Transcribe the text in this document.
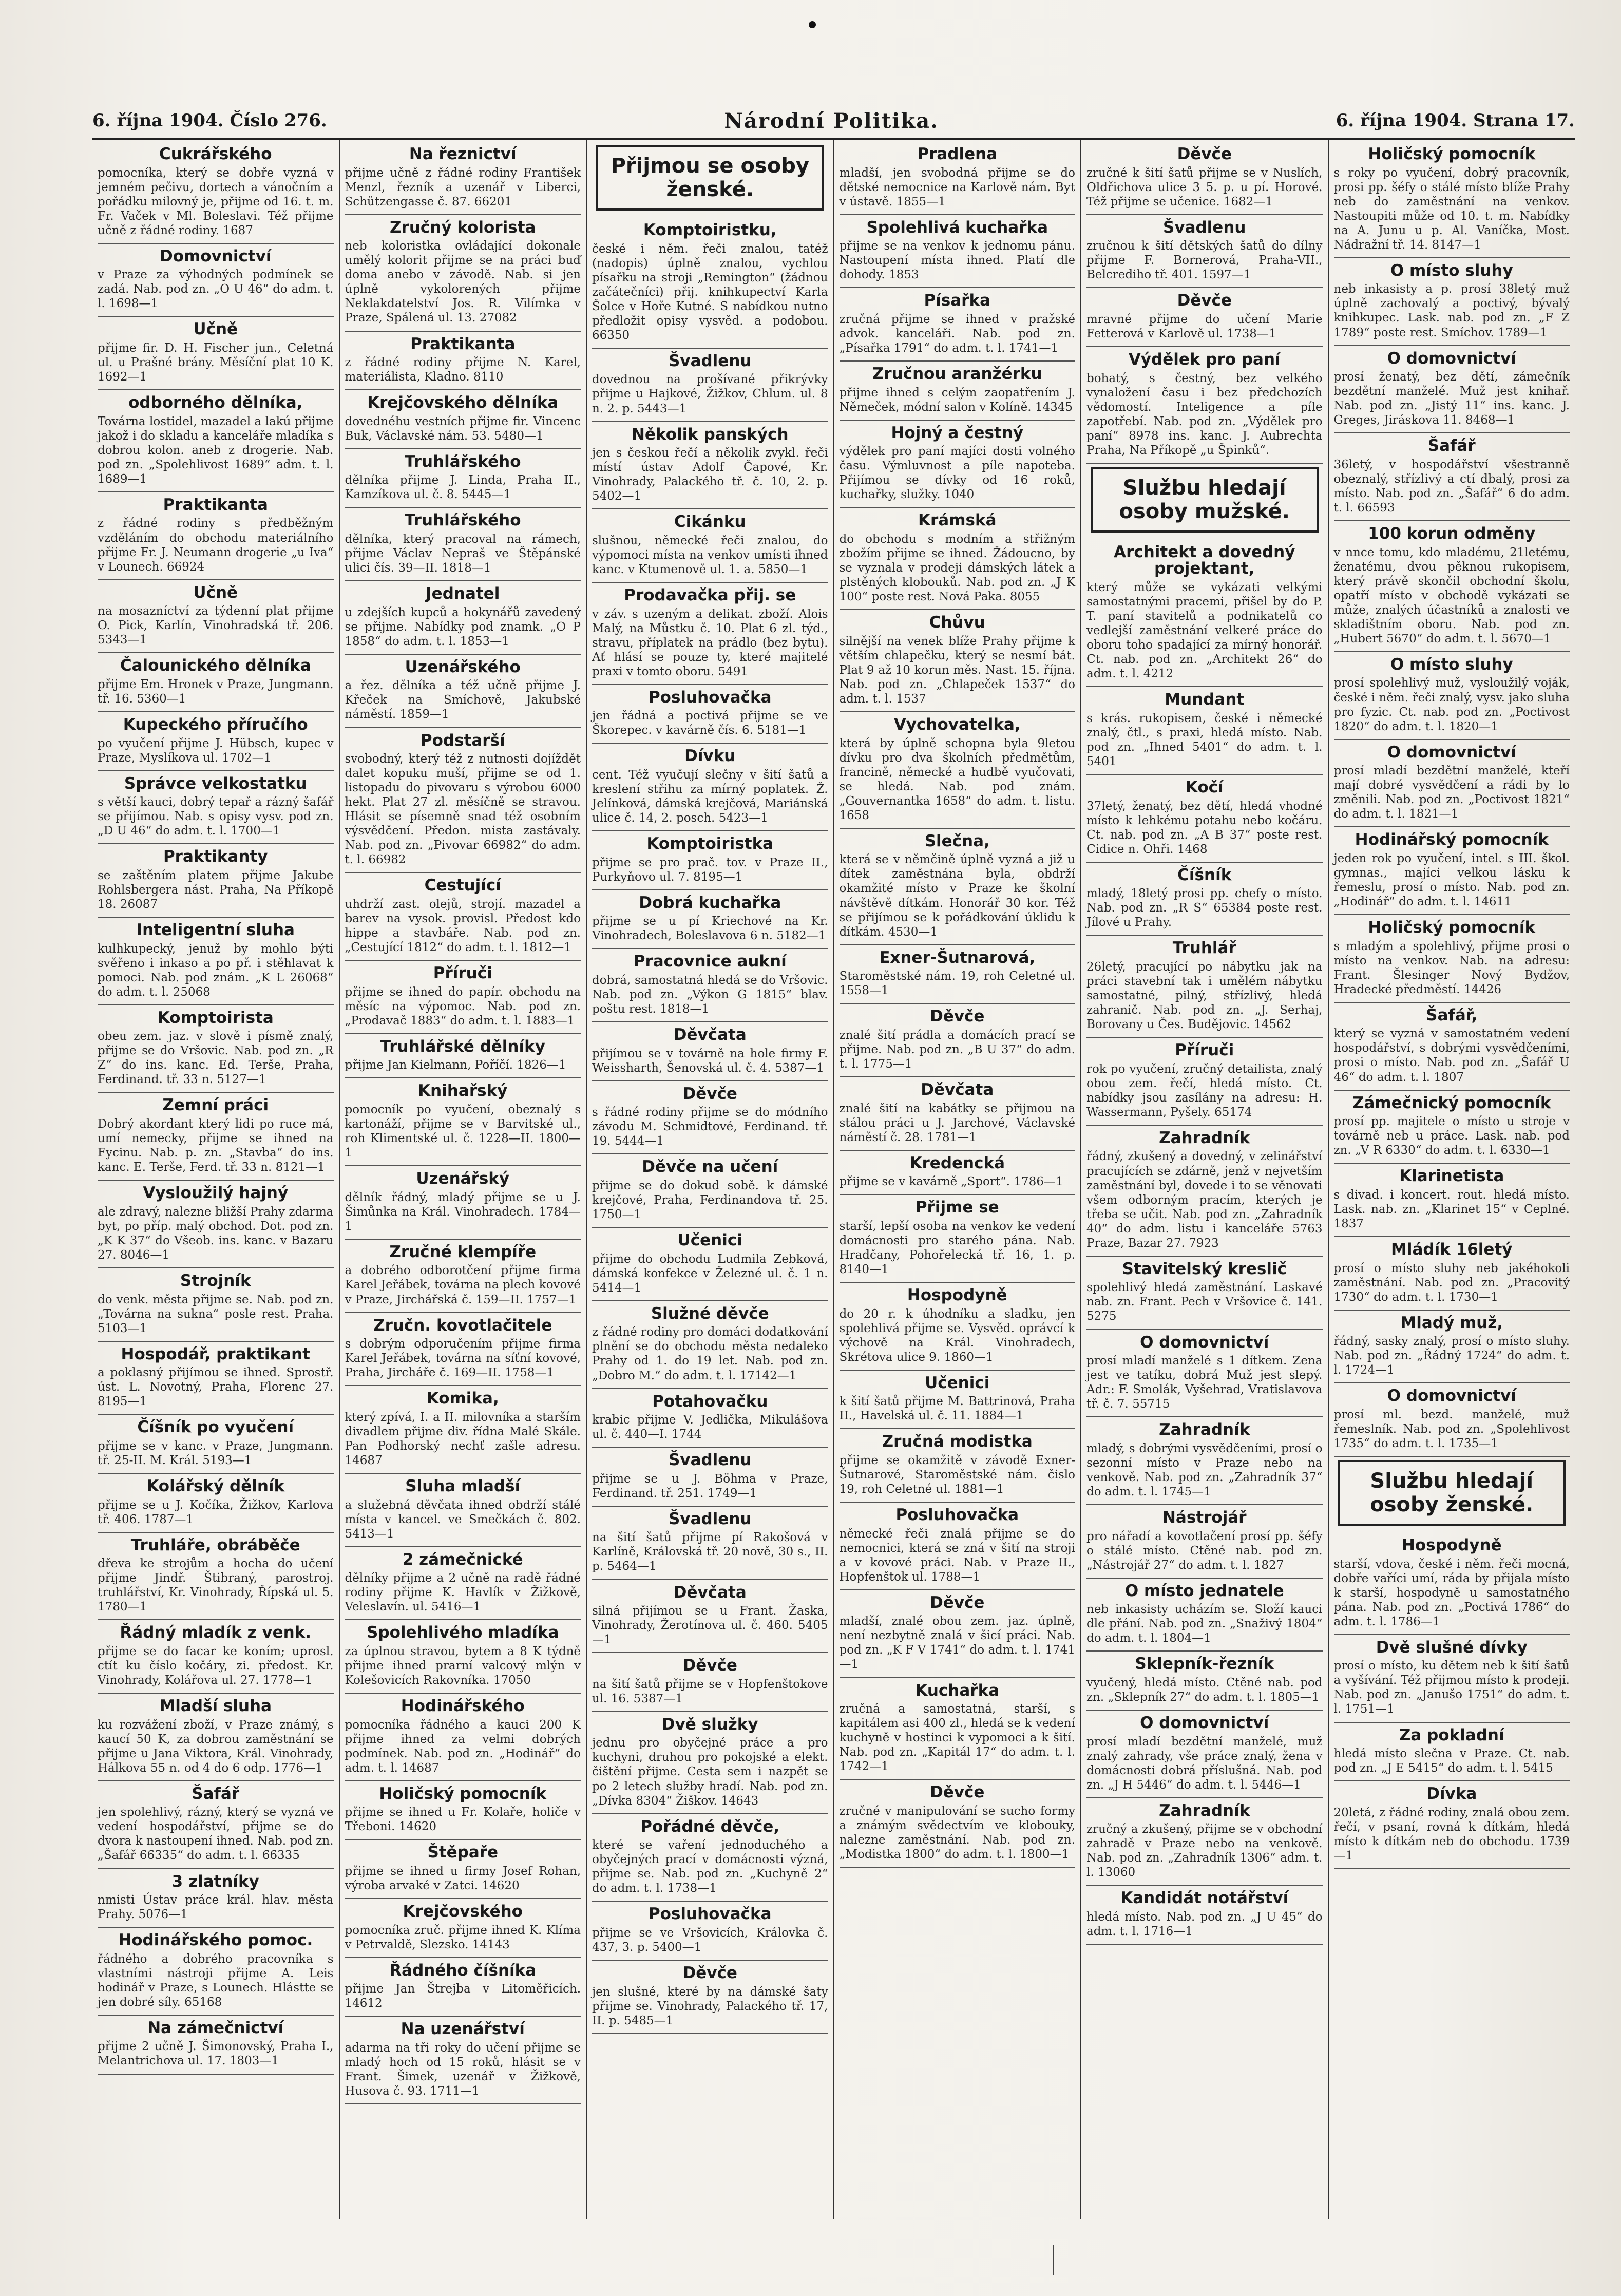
6. října 1904. Číslo 276.	Národní Politika.	6. října 1904. Strana 17.
Cukrářského
pomocníka, který se dobře vyzná v jemném pečivu, dortech a vánočním a pořádku milovný je, přijme od 16. t. m. Fr. Vaček v Ml. Boleslavi. Též přijme učně z řádné rodiny. 1687
Domovnictví
v Praze za výhodných podmínek se zadá. Nab. pod zn. „O U 46“ do adm. t. l. 1698—1
Učně
přijme fir. D. H. Fischer jun., Celetná ul. u Prašné brány. Měsíční plat 10 K. 1692—1
odborného dělníka,
Továrna lostidel, mazadel a lakú přijme jakož i do skladu a kanceláře mladíka s dobrou kolon. aneb z drogerie. Nab. pod zn. „Spolehlivost 1689“ adm. t. l. 1689—1
Praktikanta
z řádné rodiny s předběžným vzděláním do obchodu materiálního přijme Fr. J. Neumann drogerie „u Iva“ v Lounech. 66924
Učně
na mosazníctví za týdenní plat přijme O. Pick, Karlín, Vinohradská tř. 206. 5343—1
Čalounického dělníka
přijme Em. Hronek v Praze, Jungmann. tř. 16. 5360—1
Kupeckého příručího
po vyučení přijme J. Hübsch, kupec v Praze, Myslíkova ul. 1702—1
Správce velkostatku
s větší kauci, dobrý tepař a rázný šafář se přijímou. Nab. s opisy vysv. pod zn. „D U 46“ do adm. t. l. 1700—1
Praktikanty
se zaštěním platem přijme Jakube Rohlsbergera nást. Praha, Na Příkopě 18. 26087
Inteligentní sluha
kulhkupecký, jenuž by mohlo býti svěřeno i inkaso a po př. i stěhlavat k pomoci. Nab. pod znám. „K L 26068“ do adm. t. l. 25068
Komptoirista
obeu zem. jaz. v slově i písmě znalý, přijme se do Vršovic. Nab. pod zn. „R Z“ do ins. kanc. Ed. Terše, Praha, Ferdinand. tř. 33 n. 5127—1
Zemní práci
Dobrý akordant který lidi po ruce má, umí nemecky, přijme se ihned na Fycinu. Nab. p. zn. „Stavba“ do ins. kanc. E. Terše, Ferd. tř. 33 n. 8121—1
Vysloužilý hajný
ale zdravý, nalezne bližší Prahy zdarma byt, po příp. malý obchod. Dot. pod zn. „K K 37“ do Všeob. ins. kanc. v Bazaru 27. 8046—1
Strojník
do venk. města přijme se. Nab. pod zn. „Továrna na sukna“ posle rest. Praha. 5103—1
Hospodář, praktikant
a poklasný přijímou se ihned. Sprostř. úst. L. Novotný, Praha, Florenc 27. 8195—1
Číšník po vyučení
přijme se v kanc. v Praze, Jungmann. tř. 25-II. M. Král. 5193—1
Kolářský dělník
přijme se u J. Kočíka, Žižkov, Karlova tř. 406. 1787—1
Truhláře, obráběče
dřeva ke strojům a hocha do učení přijme Jindř. Štibraný, parostroj. truhlářství, Kr. Vinohrady, Řípská ul. 5. 1780—1
Řádný mladík z venk.
přijme se do facar ke koním; uprosl. ctít ku číslo kočáry, zi. předost. Kr. Vinohrady, Kolářova ul. 27. 1778—1
Mladší sluha
ku rozvážení zboží, v Praze známý, s kaucí 50 K, za dobrou zaměstnání se přijme u Jana Viktora, Král. Vinohrady, Hálkova 55 n. od 4 do 6 odp. 1776—1
Šafář
jen spolehlivý, rázný, který se vyzná ve vedení hospodářství, přijme se do dvora k nastoupení ihned. Nab. pod zn. „Šafář 66335“ do adm. t. l. 66335
3 zlatníky
nmisti Ústav práce král. hlav. města Prahy. 5076—1
Hodinářského pomoc.
řádného a dobrého pracovníka s vlastními nástroji přijme A. Leis hodinář v Praze, s Lounech. Hlástte se jen dobré síly. 65168
Na zámečnictví
přijme 2 učně J. Šimonovský, Praha I., Melantrichova ul. 17. 1803—1
Na řeznictví
přijme učně z řádné rodiny František Menzl, řezník a uzenář v Liberci, Schützengasse č. 87. 66201
Zručný kolorista
neb koloristka ovládající dokonale umělý kolorit přijme se na práci buď doma anebo v závodě. Nab. si jen úplně vykolorených přijme Neklakdatelství Jos. R. Vilímka v Praze, Spálená ul. 13. 27082
Praktikanta
z řádné rodiny přijme N. Karel, materiálista, Kladno. 8110
Krejčovského dělníka
dovednéhu vestních přijme fir. Vincenc Buk, Václavské nám. 53. 5480—1
Truhlářského
dělníka přijme J. Linda, Praha II., Kamzíkova ul. č. 8. 5445—1
Truhlářského
dělníka, který pracoval na rámech, přijme Václav Nepraš ve Štěpánské ulici čís. 39—II. 1818—1
Jednatel
u zdejších kupců a hokynářů zavedený se přijme. Nabídky pod znamk. „O P 1858“ do adm. t. l. 1853—1
Uzenářského
a řez. dělníka a též učně přijme J. Křeček na Smíchově, Jakubské náměstí. 1859—1
Podstarší
svobodný, který též z nutnosti dojíždět dalet kopuku muší, přijme se od 1. listopadu do pivovaru s výrobou 6000 hekt. Plat 27 zl. měsíčně se stravou. Hlásit se písemně snad též osobním výsvědčení. Předon. mista zastávaly. Nab. pod zn. „Pivovar 66982“ do adm. t. l. 66982
Cestující
uhdrží zast. olejů, strojí. mazadel a barev na vysok. provisl. Předost kdo hippe a stavbáře. Nab. pod zn. „Cestující 1812“ do adm. t. l. 1812—1
Příruči
přijme se ihned do papír. obchodu na měsíc na výpomoc. Nab. pod zn. „Prodavač 1883“ do adm. t. l. 1883—1
Truhlářské dělníky
přijme Jan Kielmann, Poříčí. 1826—1
Knihařský
pomocník po vyučení, obeznalý s kartonáží, přijme se v Barvitské ul., roh Klimentské ul. č. 1228—II. 1800—1
Uzenářský
dělník řádný, mladý přijme se u J. Šimůnka na Král. Vinohradech. 1784—1
Zručné klempíře
a dobrého odborotčení přijme firma Karel Jeřábek, továrna na plech kovové v Praze, Jirchářská č. 159—II. 1757—1
Zručn. kovotlačitele
s dobrým odporučením přijme firma Karel Jeřábek, továrna na síťní kovové, Praha, Jircháře č. 169—II. 1758—1
Komika,
který zpívá, I. a II. milovníka a starším divadlem přijme div. řídna Malé Skále. Pan Podhorský nechť zašle adresu. 14687
Sluha mladší
a služebná děvčata ihned obdrží stálé místa v kancel. ve Smečkách č. 802. 5413—1
2 zámečnické
dělníky přijme a 2 učně na radě řádné rodiny přijme K. Havlík v Žižkově, Veleslavín. ul. 5416—1
Spolehlivého mladíka
za úplnou stravou, bytem a 8 K týdně přijme ihned prarní valcový mlýn v Kolešovicích Rakovníka. 17050
Hodinářského
pomocníka řádného a kauci 200 K přijme ihned za velmi dobrých podmínek. Nab. pod zn. „Hodinář“ do adm. t. l. 14687
Holičský pomocník
přijme se ihned u Fr. Kolaře, holiče v Třeboni. 14620
Štěpaře
přijme se ihned u firmy Josef Rohan, výroba arvaké v Zatci. 14620
Krejčovského
pomocníka zruč. přijme ihned K. Klíma v Petrvaldě, Slezsko. 14143
Řádného číšníka
přijme Jan Štrejba v Litoměřicích. 14612
Na uzenářství
adarma na tři roky do učení přijme se mladý hoch od 15 roků, hlásit se v Frant. Šimek, uzenář v Žižkově, Husova č. 93. 1711—1
Přijmou se osoby ženské.
Komptoiristku,
české i něm. řeči znalou, tatéž (nadopis) úplně znalou, vychlou písařku na stroji „Remington“ (žádnou začátečníci) přij. knihkupectví Karla Šolce v Hoře Kutné. S nabídkou nutno předložit opisy vysvěd. a podobou. 66350
Švadlenu
dovednou na prošívané přikrývky přijme u Hajkové, Žižkov, Chlum. ul. 8 n. 2. p. 5443—1
Několik panských
jen s českou řečí a několik zvykl. řeči místí ústav Adolf Čapové, Kr. Vinohrady, Palackého tř. č. 10, 2. p. 5402—1
Cikánku
slušnou, německé řeči znalou, do výpomoci místa na venkov umísti ihned kanc. v Ktumenově ul. 1. a. 5850—1
Prodavačka přij. se
v záv. s uzeným a delikat. zboží. Alois Malý, na Můstku č. 10. Plat 6 zl. týd., stravu, příplatek na prádlo (bez bytu). Ať hlásí se pouze ty, které majitelé praxi v tomto oboru. 5491
Posluhovačka
jen řádná a poctivá přijme se ve Škorepec. v kavárně čís. 6. 5181—1
Dívku
cent. Též vyučují slečny v šití šatů a kreslení střihu za mírný poplatek. Ž. Jelínková, dámská krejčová, Mariánská ulice č. 14, 2. posch. 5423—1
Komptoiristka
přijme se pro prač. tov. v Praze II., Purkyňovo ul. 7. 8195—1
Dobrá kuchařka
přijme se u pí Kriechové na Kr. Vinohradech, Boleslavova 6 n. 5182—1
Pracovnice aukní
dobrá, samostatná hledá se do Vršovic. Nab. pod zn. „Výkon G 1815“ blav. poštu rest. 1818—1
Děvčata
přijímou se v továrně na hole firmy F. Weissharth, Šenovská ul. č. 4. 5387—1
Děvče
s řádné rodiny přijme se do módního závodu M. Schmidtové, Ferdinand. tř. 19. 5444—1
Děvče na učení
přijme se do dokud sobě. k dámské krejčové, Praha, Ferdinandova tř. 25. 1750—1
Učenici
přijme do obchodu Ludmila Zebková, dámská konfekce v Železné ul. č. 1 n. 5414—1
Služné děvče
z řádné rodiny pro domáci dodatkování plnění se do obchodu města nedaleko Prahy od 1. do 19 let. Nab. pod zn. „Dobro M.“ do adm. t. l. 17142—1
Potahovačku
krabic přijme V. Jedlička, Mikulášova ul. č. 440—I. 1744
Švadlenu
přijme se u J. Böhma v Praze, Ferdinand. tř. 251. 1749—1
Švadlenu
na šití šatů přijme pí Rakošová v Karlíně, Královská tř. 20 nově, 30 s., II. p. 5464—1
Děvčata
silná přijímou se u Frant. Žaska, Vinohrady, Žerotínova ul. č. 460. 5405—1
Děvče
na šití šatů přijme se v Hopfenštokove ul. 16. 5387—1
Dvě služky
jednu pro obyčejné práce a pro kuchyni, druhou pro pokojské a elekt. čištění přijme. Cesta sem i nazpět se po 2 letech služby hradí. Nab. pod zn. „Dívka 8304“ Žiškov. 14643
Pořádné děvče,
které se vaření jednoduchého a obyčejných prací v domácnosti význá, přijme se. Nab. pod zn. „Kuchyně 2“ do adm. t. l. 1738—1
Posluhovačka
přijme se ve Vršovicích, Královka č. 437, 3. p. 5400—1
Děvče
jen slušné, které by na dámské šaty přijme se. Vinohrady, Palackého tř. 17, II. p. 5485—1
Pradlena
mladší, jen svobodná přijme se do dětské nemocnice na Karlově nám. Byt v ústavě. 1855—1
Spolehlivá kuchařka
přijme se na venkov k jednomu pánu. Nastoupení místa ihned. Platí dle dohody. 1853
Písařka
zručná přijme se ihned v pražské advok. kanceláři. Nab. pod zn. „Písařka 1791“ do adm. t. l. 1741—1
Zručnou aranžérku
přijme ihned s celým zaopatřením J. Němeček, módní salon v Kolíně. 14345
Hojný a čestný
výdělek pro paní majíci dosti volného času. Výmluvnost a píle napoteba. Přijímou se dívky od 16 roků, kuchařky, služky. 1040
Krámská
do obchodu s modním a střižným zbožím přijme se ihned. Žádoucno, by se vyznala v prodeji dámských látek a plstěných klobouků. Nab. pod zn. „J K 100“ poste rest. Nová Paka. 8055
Chůvu
silnější na venek blíže Prahy přijme k větším chlapečku, který se nesmí bát. Plat 9 až 10 korun měs. Nast. 15. října. Nab. pod zn. „Chlapeček 1537“ do adm. t. l. 1537
Vychovatelka,
která by úplně schopna byla 9letou dívku pro dva školních předmětům, francině, německé a hudbě vyučovati, se hledá. Nab. pod znám. „Gouvernantka 1658“ do adm. t. listu. 1658
Slečna,
která se v němčině úplně vyzná a již u dítek zaměstnána byla, obdrží okamžité místo v Praze ke školní návštěvě dítkám. Honorář 30 kor. Též se přijímou se k pořádkování úklidu k dítkám. 4530—1
Exner-Šutnarová,
Staroměstské nám. 19, roh Celetné ul. 1558—1
Děvče
znalé šití prádla a domácích prací se přijme. Nab. pod zn. „B U 37“ do adm. t. l. 1775—1
Děvčata
znalé šití na kabátky se přijmou na stálou práci u J. Jarchové, Václavské náměstí č. 28. 1781—1
Kredencká
přijme se v kavárně „Sport“. 1786—1
Přijme se
starší, lepší osoba na venkov ke vedení domácnosti pro starého pána. Nab. Hradčany, Pohořelecká tř. 16, 1. p. 8140—1
Hospodyně
do 20 r. k úhodníku a sladku, jen spolehlivá přijme se. Vysvěd. oprávcí k výchově na Král. Vinohradech, Skrétova ulice 9. 1860—1
Učenici
k šití šatů přijme M. Battrinová, Praha II., Havelská ul. č. 11. 1884—1
Zručná modistka
přijme se okamžitě v závodě Exner-Šutnarové, Staroměstské nám. čislo 19, roh Celetné ul. 1881—1
Posluhovačka
německé řeči znalá přijme se do nemocnici, která se zná v šití na stroji a v kovové práci. Nab. v Praze II., Hopfenštok ul. 1788—1
Děvče
mladší, znalé obou zem. jaz. úplně, není nezbytně znalá v šicí práci. Nab. pod zn. „K F V 1741“ do adm. t. l. 1741—1
Kuchařka
zručná a samostatná, starší, s kapitálem asi 400 zl., hledá se k vedení kuchyně v hostinci k vypomoci a k šití. Nab. pod zn. „Kapitál 17“ do adm. t. l. 1742—1
Děvče
zručné v manipulování se sucho formy a známým svědectvím ve klobouky, nalezne zaměstnání. Nab. pod zn. „Modistka 1800“ do adm. t. l. 1800—1
Děvče
zručné k šití šatů přijme se v Nuslích, Oldřichova ulice 3 5. p. u pí. Horové. Též přijme se učenice. 1682—1
Švadlenu
zručnou k šití dětských šatů do dílny přijme F. Bornerová, Praha-VII., Belcrediho tř. 401. 1597—1
Děvče
mravné přijme do učení Marie Fetterová v Karlově ul. 1738—1
Výdělek pro paní
bohatý, s čestný, bez velkého vynaložení času i bez předchozích vědomostí. Inteligence a píle zapotřebí. Nab. pod zn. „Výdělek pro paní“ 8978 ins. kanc. J. Aubrechta Praha, Na Příkopě „u Špinků“.
Službu hledají osoby mužské.
Architekt a dovedný projektant,
který může se vykázati velkými samostatnými pracemi, přišel by do P. T. paní stavitelů a podnikatelů co vedlejší zaměstnání velkeré práce do oboru toho spadající za mírný honorář. Ct. nab. pod zn. „Architekt 26“ do adm. t. l. 4212
Mundant
s krás. rukopisem, české i německé znalý, čtl., s praxi, hledá místo. Nab. pod zn. „Ihned 5401“ do adm. t. l. 5401
Kočí
37letý, ženatý, bez dětí, hledá vhodné místo k lehkému potahu nebo kočáru. Ct. nab. pod zn. „A B 37“ poste rest. Cidice n. Ohři. 1468
Číšník
mladý, 18letý prosi pp. chefy o místo. Nab. pod zn. „R S“ 65384 poste rest. Jílové u Prahy.
Truhlář
26letý, pracující po nábytku jak na práci stavební tak i umělém nábytku samostatné, pilný, střízlivý, hledá zahranič. Nab. pod zn. „J. Serhaj, Borovany u Čes. Budějovic. 14562
Příruči
rok po vyučení, zručný detailista, znalý obou zem. řečí, hledá místo. Ct. nabídky jsou zasílány na adresu: H. Wassermann, Pyšely. 65174
Zahradník
řádný, zkušený a dovedný, v zelinářství pracujících se zdárně, jenž v nejvetším zaměstnání byl, dovede i to se věnovati všem odborným pracím, kterých je třeba se učit. Nab. pod zn. „Zahradník 40“ do adm. listu i kanceláře 5763 Praze, Bazar 27. 7923
Stavitelský kreslič
spolehlivý hledá zaměstnání. Laskavé nab. zn. Frant. Pech v Vršovice č. 141. 5275
O domovnictví
prosí mladí manželé s 1 dítkem. Zena jest ve tatíku, dobrá Muž jest slepý. Adr.: F. Smolák, Vyšehrad, Vratislavova tř. č. 7. 55715
Zahradník
mladý, s dobrými vysvědčeními, prosí o sezonní místo v Praze nebo na venkově. Nab. pod zn. „Zahradník 37“ do adm. t. l. 1745—1
Nástrojář
pro nářadí a kovotlačení prosí pp. šéfy o stálé místo. Ctěné nab. pod zn. „Nástrojář 27“ do adm. t. l. 1827
O místo jednatele
neb inkasisty ucházím se. Složí kauci dle přání. Nab. pod zn. „Snaživý 1804“ do adm. t. l. 1804—1
Sklepník-řezník
vyučený, hledá místo. Ctěné nab. pod zn. „Sklepník 27“ do adm. t. l. 1805—1
O domovnictví
prosí mladí bezdětní manželé, muž znalý zahrady, vše práce znalý, žena v domácnosti dobrá příslušná. Nab. pod zn. „J H 5446“ do adm. t. l. 5446—1
Zahradník
zručný a zkušený, přijme se v obchodní zahradě v Praze nebo na venkově. Nab. pod zn. „Zahradník 1306“ adm. t. l. 13060
Kandidát notářství
hledá místo. Nab. pod zn. „J U 45“ do adm. t. l. 1716—1
Holičský pomocník
s roky po vyučení, dobrý pracovník, prosi pp. šéfy o stálé místo blíže Prahy neb do zaměstnání na venkov. Nastoupiti může od 10. t. m. Nabídky na A. Junu u p. Al. Vaníčka, Most. Nádražní tř. 14. 8147—1
O místo sluhy
neb inkasisty a p. prosí 38letý muž úplně zachovalý a poctivý, bývalý knihkupec. Lask. nab. pod zn. „F Z 1789“ poste rest. Smíchov. 1789—1
O domovnictví
prosí ženatý, bez dětí, zámečník bezdětní manželé. Muž jest knihař. Nab. pod zn. „Jistý 11“ ins. kanc. J. Greges, Jiráskova 11. 8468—1
Šafář
36letý, v hospodářství všestranně obeznalý, střízlivý a ctí dbalý, prosi za místo. Nab. pod zn. „Šafář“ 6 do adm. t. l. 66593
100 korun odměny
v nnce tomu, kdo mladému, 21letému, ženatému, dvou pěknou rukopisem, který právě skončil obchodní školu, opatří místo v obchodě vykázati se může, znalých účastníků a znalosti ve skladištním oboru. Nab. pod zn. „Hubert 5670“ do adm. t. l. 5670—1
O místo sluhy
prosí spolehlivý muž, vysloužilý voják, české i něm. řeči znalý, vysv. jako sluha pro fyzic. Ct. nab. pod zn. „Poctivost 1820“ do adm. t. l. 1820—1
O domovnictví
prosí mladí bezdětní manželé, kteří mají dobré vysvědčení a rádi by lo změnili. Nab. pod zn. „Poctivost 1821“ do adm. t. l. 1821—1
Hodinářský pomocník
jeden rok po vyučení, intel. s III. škol. gymnas., majíci velkou lásku k řemeslu, prosí o místo. Nab. pod zn. „Hodinář“ do adm. t. l. 14611
Holičský pomocník
s mladým a spolehlivý, přijme prosi o místo na venkov. Nab. na adresu: Frant. Šlesinger Nový Bydžov, Hradecké předměstí. 14426
Šafář,
který se vyzná v samostatném vedení hospodářství, s dobrými vysvědčeními, prosi o místo. Nab. pod zn. „Šafář U 46“ do adm. t. l. 1807
Zámečnický pomocník
prosí pp. majitele o místo u stroje v továrně neb u práce. Lask. nab. pod zn. „V R 6330“ do adm. t. l. 6330—1
Klarinetista
s divad. i koncert. rout. hledá místo. Lask. nab. zn. „Klarinet 15“ v Ceplné. 1837
Mládík 16letý
prosí o místo sluhy neb jakéhokoli zaměstnání. Nab. pod zn. „Pracovitý 1730“ do adm. t. l. 1730—1
Mladý muž,
řádný, sasky znalý, prosí o místo sluhy. Nab. pod zn. „Řádný 1724“ do adm. t. l. 1724—1
O domovnictví
prosí ml. bezd. manželé, muž řemeslník. Nab. pod zn. „Spolehlivost 1735“ do adm. t. l. 1735—1
Službu hledají osoby ženské.
Hospodyně
starší, vdova, české i něm. řeči mocná, dobře vaříci umí, ráda by přijala místo k starší, hospodyně u samostatného pána. Nab. pod zn. „Poctivá 1786“ do adm. t. l. 1786—1
Dvě slušné dívky
prosí o místo, ku dětem neb k šití šatů a vyšívání. Též přijmou místo k prodeji. Nab. pod zn. „Janušo 1751“ do adm. t. l. 1751—1
Za pokladní
hledá místo slečna v Praze. Ct. nab. pod zn. „J E 5415“ do adm. t. l. 5415
Dívka
20letá, z řádné rodiny, znalá obou zem. řečí, v psaní, rovná k dítkám, hledá místo k dítkám neb do obchodu. 1739—1
